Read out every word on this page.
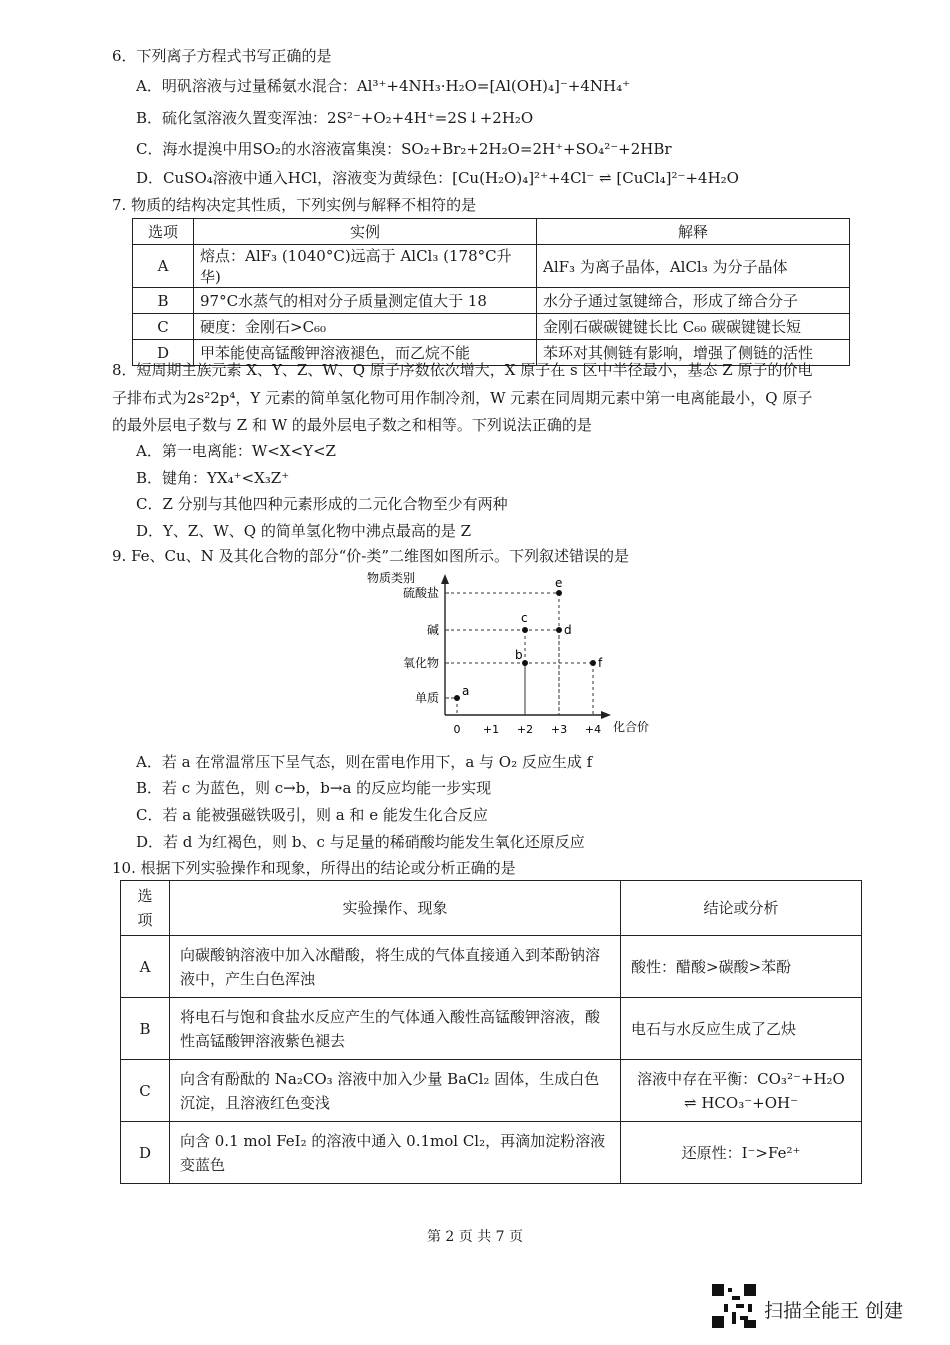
6．下列离子方程式书写正确的是
A．明矾溶液与过量稀氨水混合：Al³⁺+4NH₃·H₂O=[Al(OH)₄]⁻+4NH₄⁺
B．硫化氢溶液久置变浑浊：2S²⁻+O₂+4H⁺=2S↓+2H₂O
C．海水提溴中用SO₂的水溶液富集溴：SO₂+Br₂+2H₂O=2H⁺+SO₄²⁻+2HBr
D．CuSO₄溶液中通入HCl，溶液变为黄绿色：[Cu(H₂O)₄]²⁺+4Cl⁻ ⇌ [CuCl₄]²⁻+4H₂O
7. 物质的结构决定其性质，下列实例与解释不相符的是
选项	实例	解释
A	熔点：AlF₃ (1040°C)远高于 AlCl₃ (178°C升华)	AlF₃ 为离子晶体，AlCl₃ 为分子晶体
B	97°C水蒸气的相对分子质量测定值大于 18	水分子通过氢键缔合，形成了缔合分子
C	硬度：金刚石>C₆₀	金刚石碳碳键键长比 C₆₀ 碳碳键键长短
D	甲苯能使高锰酸钾溶液褪色，而乙烷不能	苯环对其侧链有影响，增强了侧链的活性
8．短周期主族元素 X、Y、Z、W、Q 原子序数依次增大，X 原子在 s 区中半径最小，基态 Z 原子的价电
子排布式为2s²2p⁴，Y 元素的简单氢化物可用作制冷剂，W 元素在同周期元素中第一电离能最小，Q 原子
的最外层电子数与 Z 和 W 的最外层电子数之和相等。下列说法正确的是
A．第一电离能：W<X<Y<Z
B．键角：YX₄⁺<X₃Z⁺
C．Z 分别与其他四种元素形成的二元化合物至少有两种
D．Y、Z、W、Q 的简单氢化物中沸点最高的是 Z
9. Fe、Cu、N 及其化合物的部分“价-类”二维图如图所示。下列叙述错误的是
物质类别
化合价
单质
氧化物
碱
硫酸盐
0 +1 +2 +3 +4
a
b
c
d
e
f
A．若 a 在常温常压下呈气态，则在雷电作用下，a 与 O₂ 反应生成 f
B．若 c 为蓝色，则 c→b，b→a 的反应均能一步实现
C．若 a 能被强磁铁吸引，则 a 和 e 能发生化合反应
D．若 d 为红褐色，则 b、c 与足量的稀硝酸均能发生氧化还原反应
10. 根据下列实验操作和现象，所得出的结论或分析正确的是
选项	实验操作、现象	结论或分析
A	向碳酸钠溶液中加入冰醋酸，将生成的气体直接通入到苯酚钠溶液中，产生白色浑浊	酸性：醋酸>碳酸>苯酚
B	将电石与饱和食盐水反应产生的气体通入酸性高锰酸钾溶液，酸性高锰酸钾溶液紫色褪去	电石与水反应生成了乙炔
C	向含有酚酞的 Na₂CO₃ 溶液中加入少量 BaCl₂ 固体，生成白色沉淀，且溶液红色变浅	溶液中存在平衡：CO₃²⁻+H₂O ⇌ HCO₃⁻+OH⁻
D	向含 0.1 mol FeI₂ 的溶液中通入 0.1mol Cl₂，再滴加淀粉溶液变蓝色	还原性：I⁻>Fe²⁺
第 2 页 共 7 页
扫描全能王 创建
